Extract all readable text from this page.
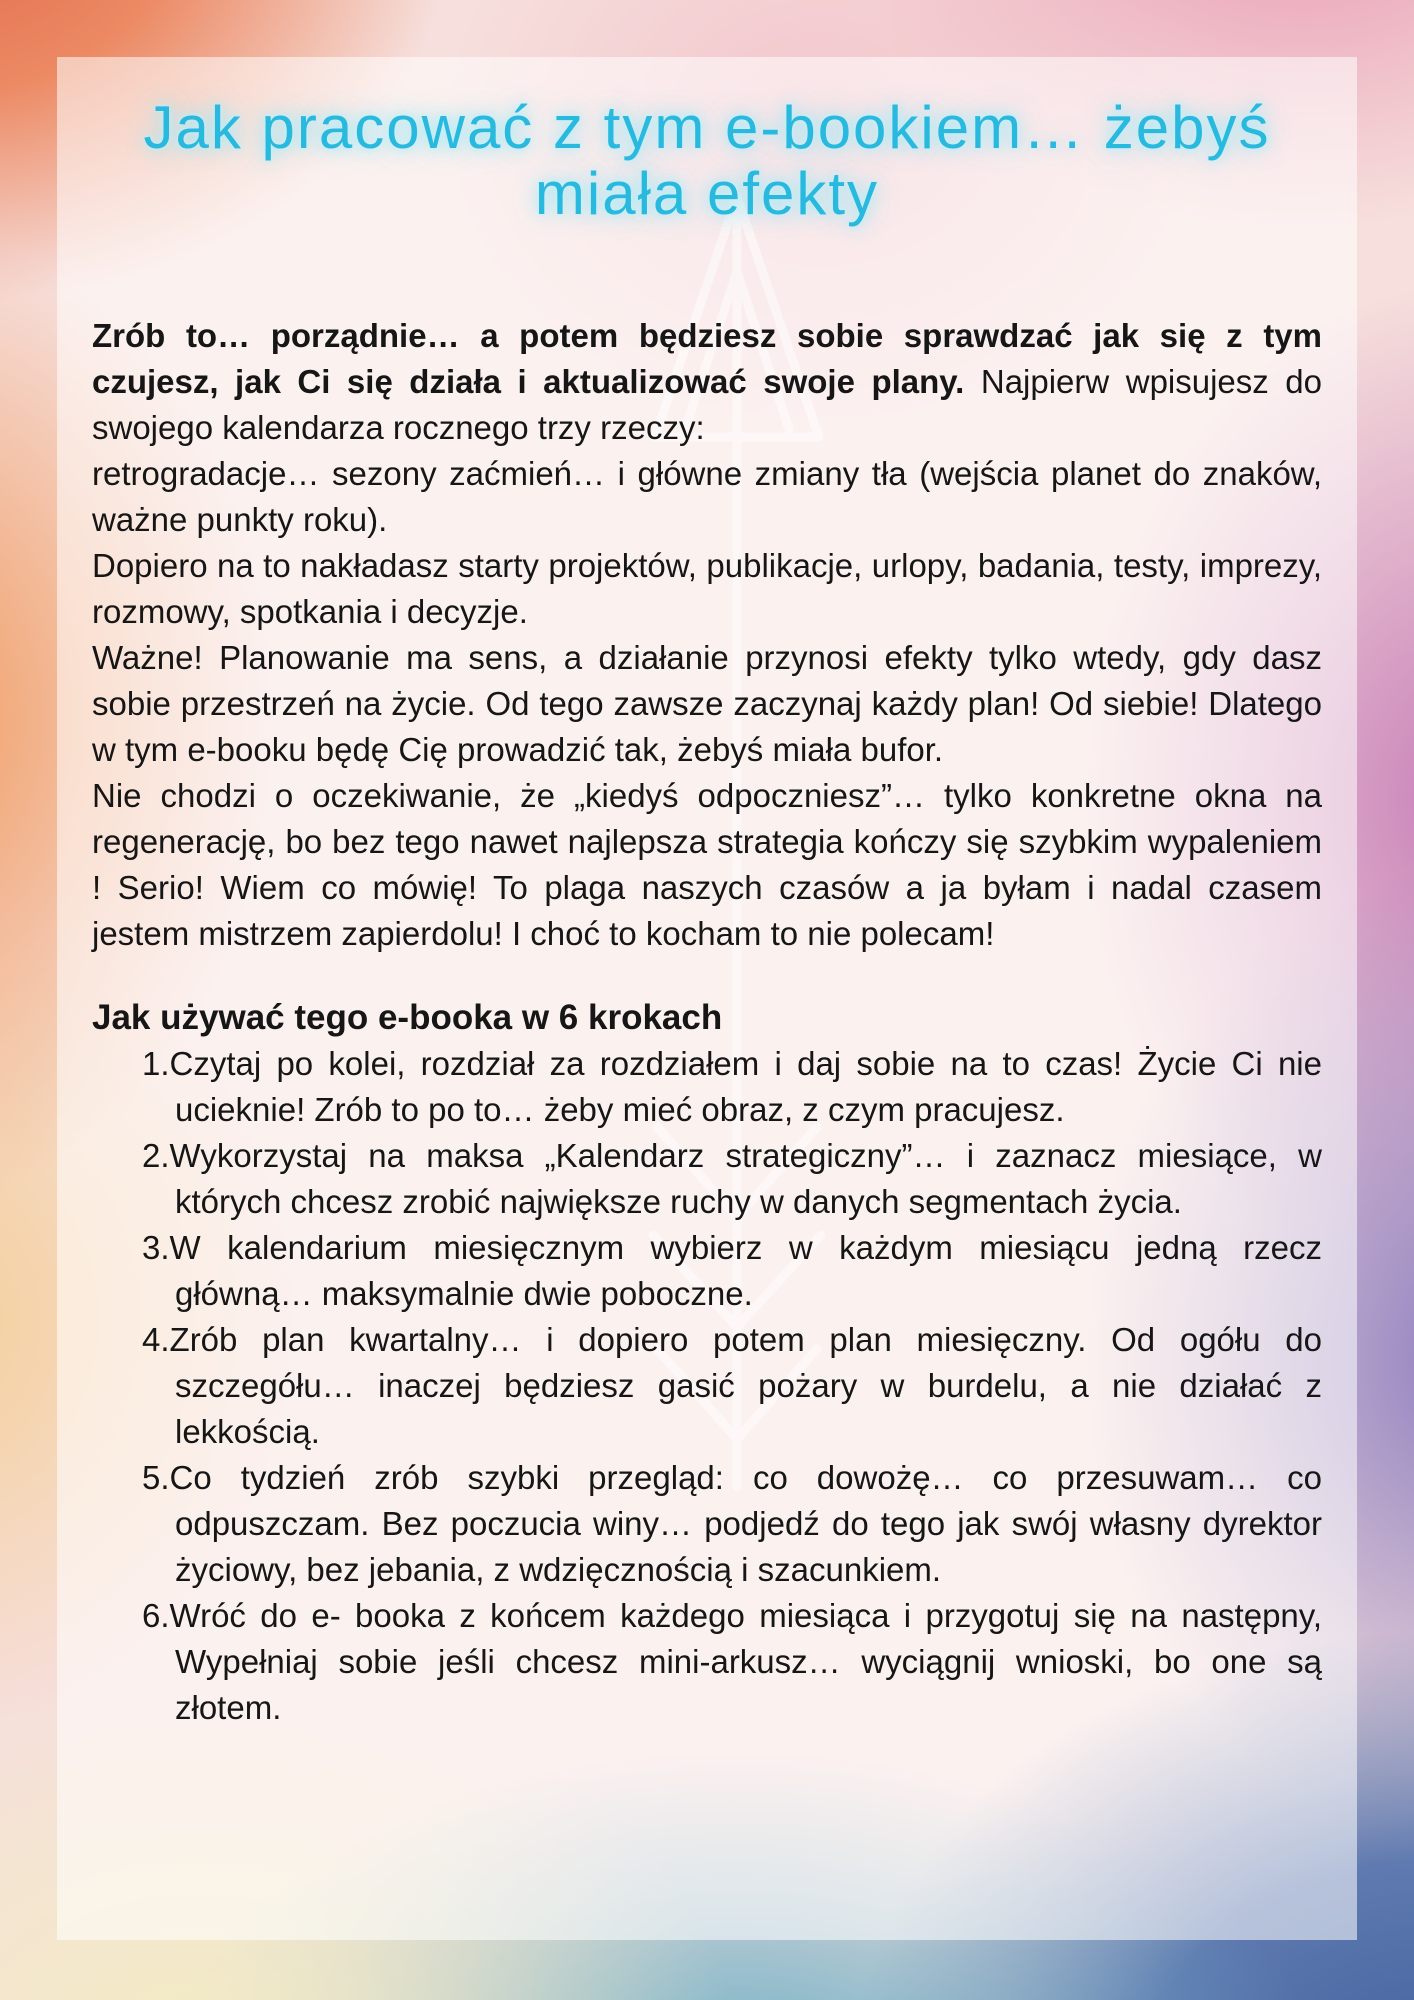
Jak pracować z tym e-bookiem… żebyś
miała efekty

Zrób to… porządnie… a potem będziesz sobie sprawdzać jak się z tym czujesz, jak Ci się działa i aktualizować swoje plany. Najpierw wpisujesz do swojego kalendarza rocznego trzy rzeczy:

retrogradacje… sezony zaćmień… i główne zmiany tła (wejścia planet do znaków, ważne punkty roku).

Dopiero na to nakładasz starty projektów, publikacje, urlopy, badania, testy, imprezy, rozmowy, spotkania i decyzje.

Ważne! Planowanie ma sens, a działanie przynosi efekty tylko wtedy, gdy dasz sobie przestrzeń na życie. Od tego zawsze zaczynaj każdy plan! Od siebie! Dlatego w tym e-booku będę Cię prowadzić tak, żebyś miała bufor.

Nie chodzi o oczekiwanie, że „kiedyś odpoczniesz”… tylko konkretne okna na regenerację, bo bez tego nawet najlepsza strategia kończy się szybkim wypaleniem ! Serio! Wiem co mówię! To plaga naszych czasów a ja byłam i nadal czasem jestem mistrzem zapierdolu! I choć to kocham to nie polecam!

Jak używać tego e-booka w 6 krokach
1.Czytaj po kolei, rozdział za rozdziałem i daj sobie na to czas! Życie Ci nie ucieknie! Zrób to po to… żeby mieć obraz, z czym pracujesz.
2.Wykorzystaj na maksa „Kalendarz strategiczny”… i zaznacz miesiące, w których chcesz zrobić największe ruchy w danych segmentach życia.
3.W kalendarium miesięcznym wybierz w każdym miesiącu jedną rzecz główną… maksymalnie dwie poboczne.
4.Zrób plan kwartalny… i dopiero potem plan miesięczny. Od ogółu do szczegółu… inaczej będziesz gasić pożary w burdelu, a nie działać z lekkością.
5.Co tydzień zrób szybki przegląd: co dowożę… co przesuwam… co odpuszczam. Bez poczucia winy… podjedź do tego jak swój własny dyrektor życiowy, bez jebania, z wdzięcznością i szacunkiem.
6.Wróć do e- booka z końcem każdego miesiąca i przygotuj się na następny, Wypełniaj sobie jeśli chcesz mini-arkusz… wyciągnij wnioski, bo one są złotem.
